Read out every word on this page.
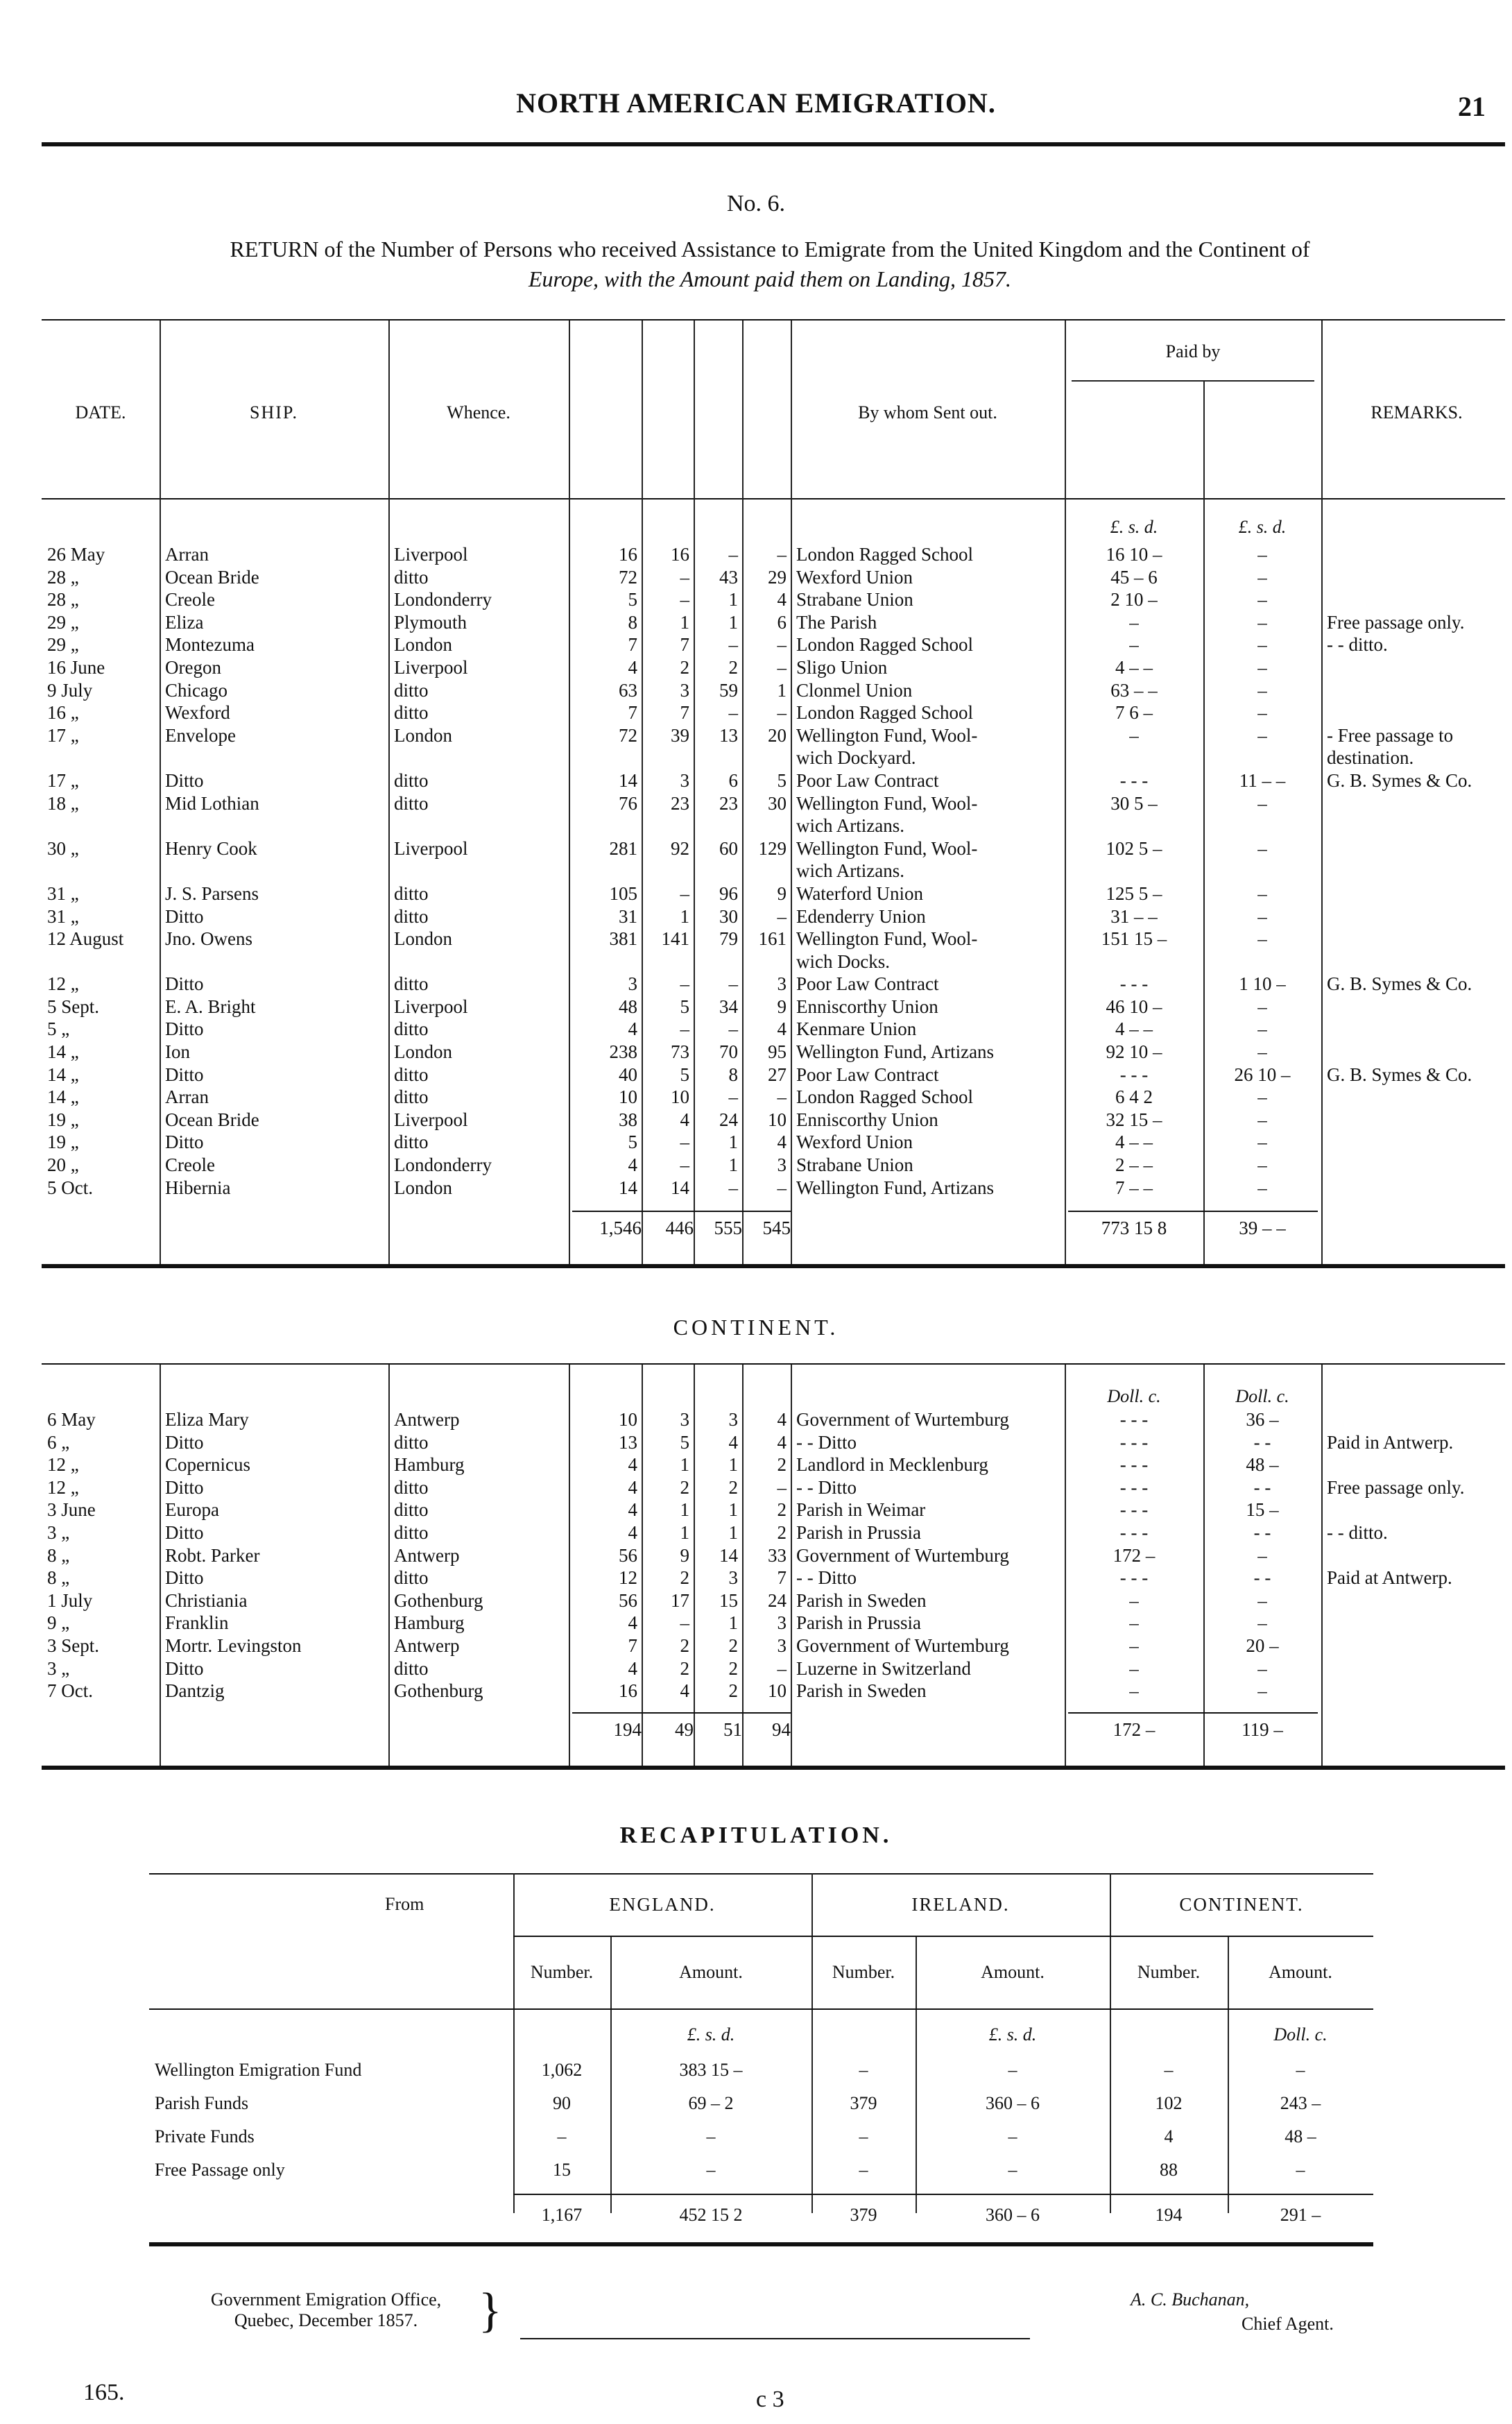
NORTH AMERICAN EMIGRATION.	21
No. 6.
RETURN of the Number of Persons who received Assistance to Emigrate from the United Kingdom and the Continent of
Europe, with the Amount paid them on Landing, 1857.
DATE.	SHIP.	Whence.	By whom Sent out.
Paid by
REMARKS.
£. s. d.	£. s. d.
26 May	Arran	Liverpool	16	16	–	–	London Ragged School	16 10 –	–	
28 „	Ocean Bride	ditto	72	–	43	29	Wexford Union	45 – 6	–	
28 „	Creole	Londonderry	5	–	1	4	Strabane Union	2 10 –	–	
29 „	Eliza	Plymouth	8	1	1	6	The Parish	–	–	Free passage only.
29 „	Montezuma	London	7	7	–	–	London Ragged School	–	–	- - ditto.
16 June	Oregon	Liverpool	4	2	2	–	Sligo Union	4 – –	–	
9 July	Chicago	ditto	63	3	59	1	Clonmel Union	63 – –	–	
16 „	Wexford	ditto	7	7	–	–	London Ragged School	7 6 –	–	
17 „	Envelope	London	72	39	13	20	Wellington Fund, Wool-	–	–	- Free passage to
							wich Dockyard.			destination.
17 „	Ditto	ditto	14	3	6	5	Poor Law Contract	- - -	11 – –	G. B. Symes & Co.
18 „	Mid Lothian	ditto	76	23	23	30	Wellington Fund, Wool-	30 5 –	–	
							wich Artizans.			
30 „	Henry Cook	Liverpool	281	92	60	129	Wellington Fund, Wool-	102 5 –	–	
							wich Artizans.			
31 „	J. S. Parsens	ditto	105	–	96	9	Waterford Union	125 5 –	–	
31 „	Ditto	ditto	31	1	30	–	Edenderry Union	31 – –	–	
12 August	Jno. Owens	London	381	141	79	161	Wellington Fund, Wool-	151 15 –	–	
							wich Docks.			
12 „	Ditto	ditto	3	–	–	3	Poor Law Contract	- - -	1 10 –	G. B. Symes & Co.
5 Sept.	E. A. Bright	Liverpool	48	5	34	9	Enniscorthy Union	46 10 –	–	
5 „	Ditto	ditto	4	–	–	4	Kenmare Union	4 – –	–	
14 „	Ion	London	238	73	70	95	Wellington Fund, Artizans	92 10 –	–	
14 „	Ditto	ditto	40	5	8	27	Poor Law Contract	- - -	26 10 –	G. B. Symes & Co.
14 „	Arran	ditto	10	10	–	–	London Ragged School	6 4 2	–	
19 „	Ocean Bride	Liverpool	38	4	24	10	Enniscorthy Union	32 15 –	–	
19 „	Ditto	ditto	5	–	1	4	Wexford Union	4 – –	–	
20 „	Creole	Londonderry	4	–	1	3	Strabane Union	2 – –	–	
5 Oct.	Hibernia	London	14	14	–	–	Wellington Fund, Artizans	7 – –	–	
1,546	446	555	545	773 15 8	39 – –
CONTINENT.
Doll. c.	Doll. c.
6 May	Eliza Mary	Antwerp	10	3	3	4	Government of Wurtemburg	- - -	36 –	
6 „	Ditto	ditto	13	5	4	4	- - Ditto	- - -	- -	Paid in Antwerp.
12 „	Copernicus	Hamburg	4	1	1	2	Landlord in Mecklenburg	- - -	48 –	
12 „	Ditto	ditto	4	2	2	–	- - Ditto	- - -	- -	Free passage only.
3 June	Europa	ditto	4	1	1	2	Parish in Weimar	- - -	15 –	
3 „	Ditto	ditto	4	1	1	2	Parish in Prussia	- - -	- -	- - ditto.
8 „	Robt. Parker	Antwerp	56	9	14	33	Government of Wurtemburg	172 –	–	
8 „	Ditto	ditto	12	2	3	7	- - Ditto	- - -	- -	Paid at Antwerp.
1 July	Christiania	Gothenburg	56	17	15	24	Parish in Sweden	–	–	
9 „	Franklin	Hamburg	4	–	1	3	Parish in Prussia	–	–	
3 Sept.	Mortr. Levingston	Antwerp	7	2	2	3	Government of Wurtemburg	–	20 –	
3 „	Ditto	ditto	4	2	2	–	Luzerne in Switzerland	–	–	
7 Oct.	Dantzig	Gothenburg	16	4	2	10	Parish in Sweden	–	–	
194	49	51	94	172 –	119 –
RECAPITULATION.
From	ENGLAND.	IRELAND.	CONTINENT.
Number.	Amount.	Number.	Amount.	Number.	Amount.
£. s. d.	£. s. d.	Doll. c.
Wellington Emigration Fund	1,062	383 15 –	–	–	–	–
Parish Funds	90	69 – 2	379	360 – 6	102	243 –
Private Funds	–	–	–	–	4	48 –
Free Passage only	15	–	–	–	88	–
1,167	452 15 2	379	360 – 6	194	291 –
Government Emigration Office,
Quebec, December 1857.	}	A. C. Buchanan,
Chief Agent.
165.	c 3
